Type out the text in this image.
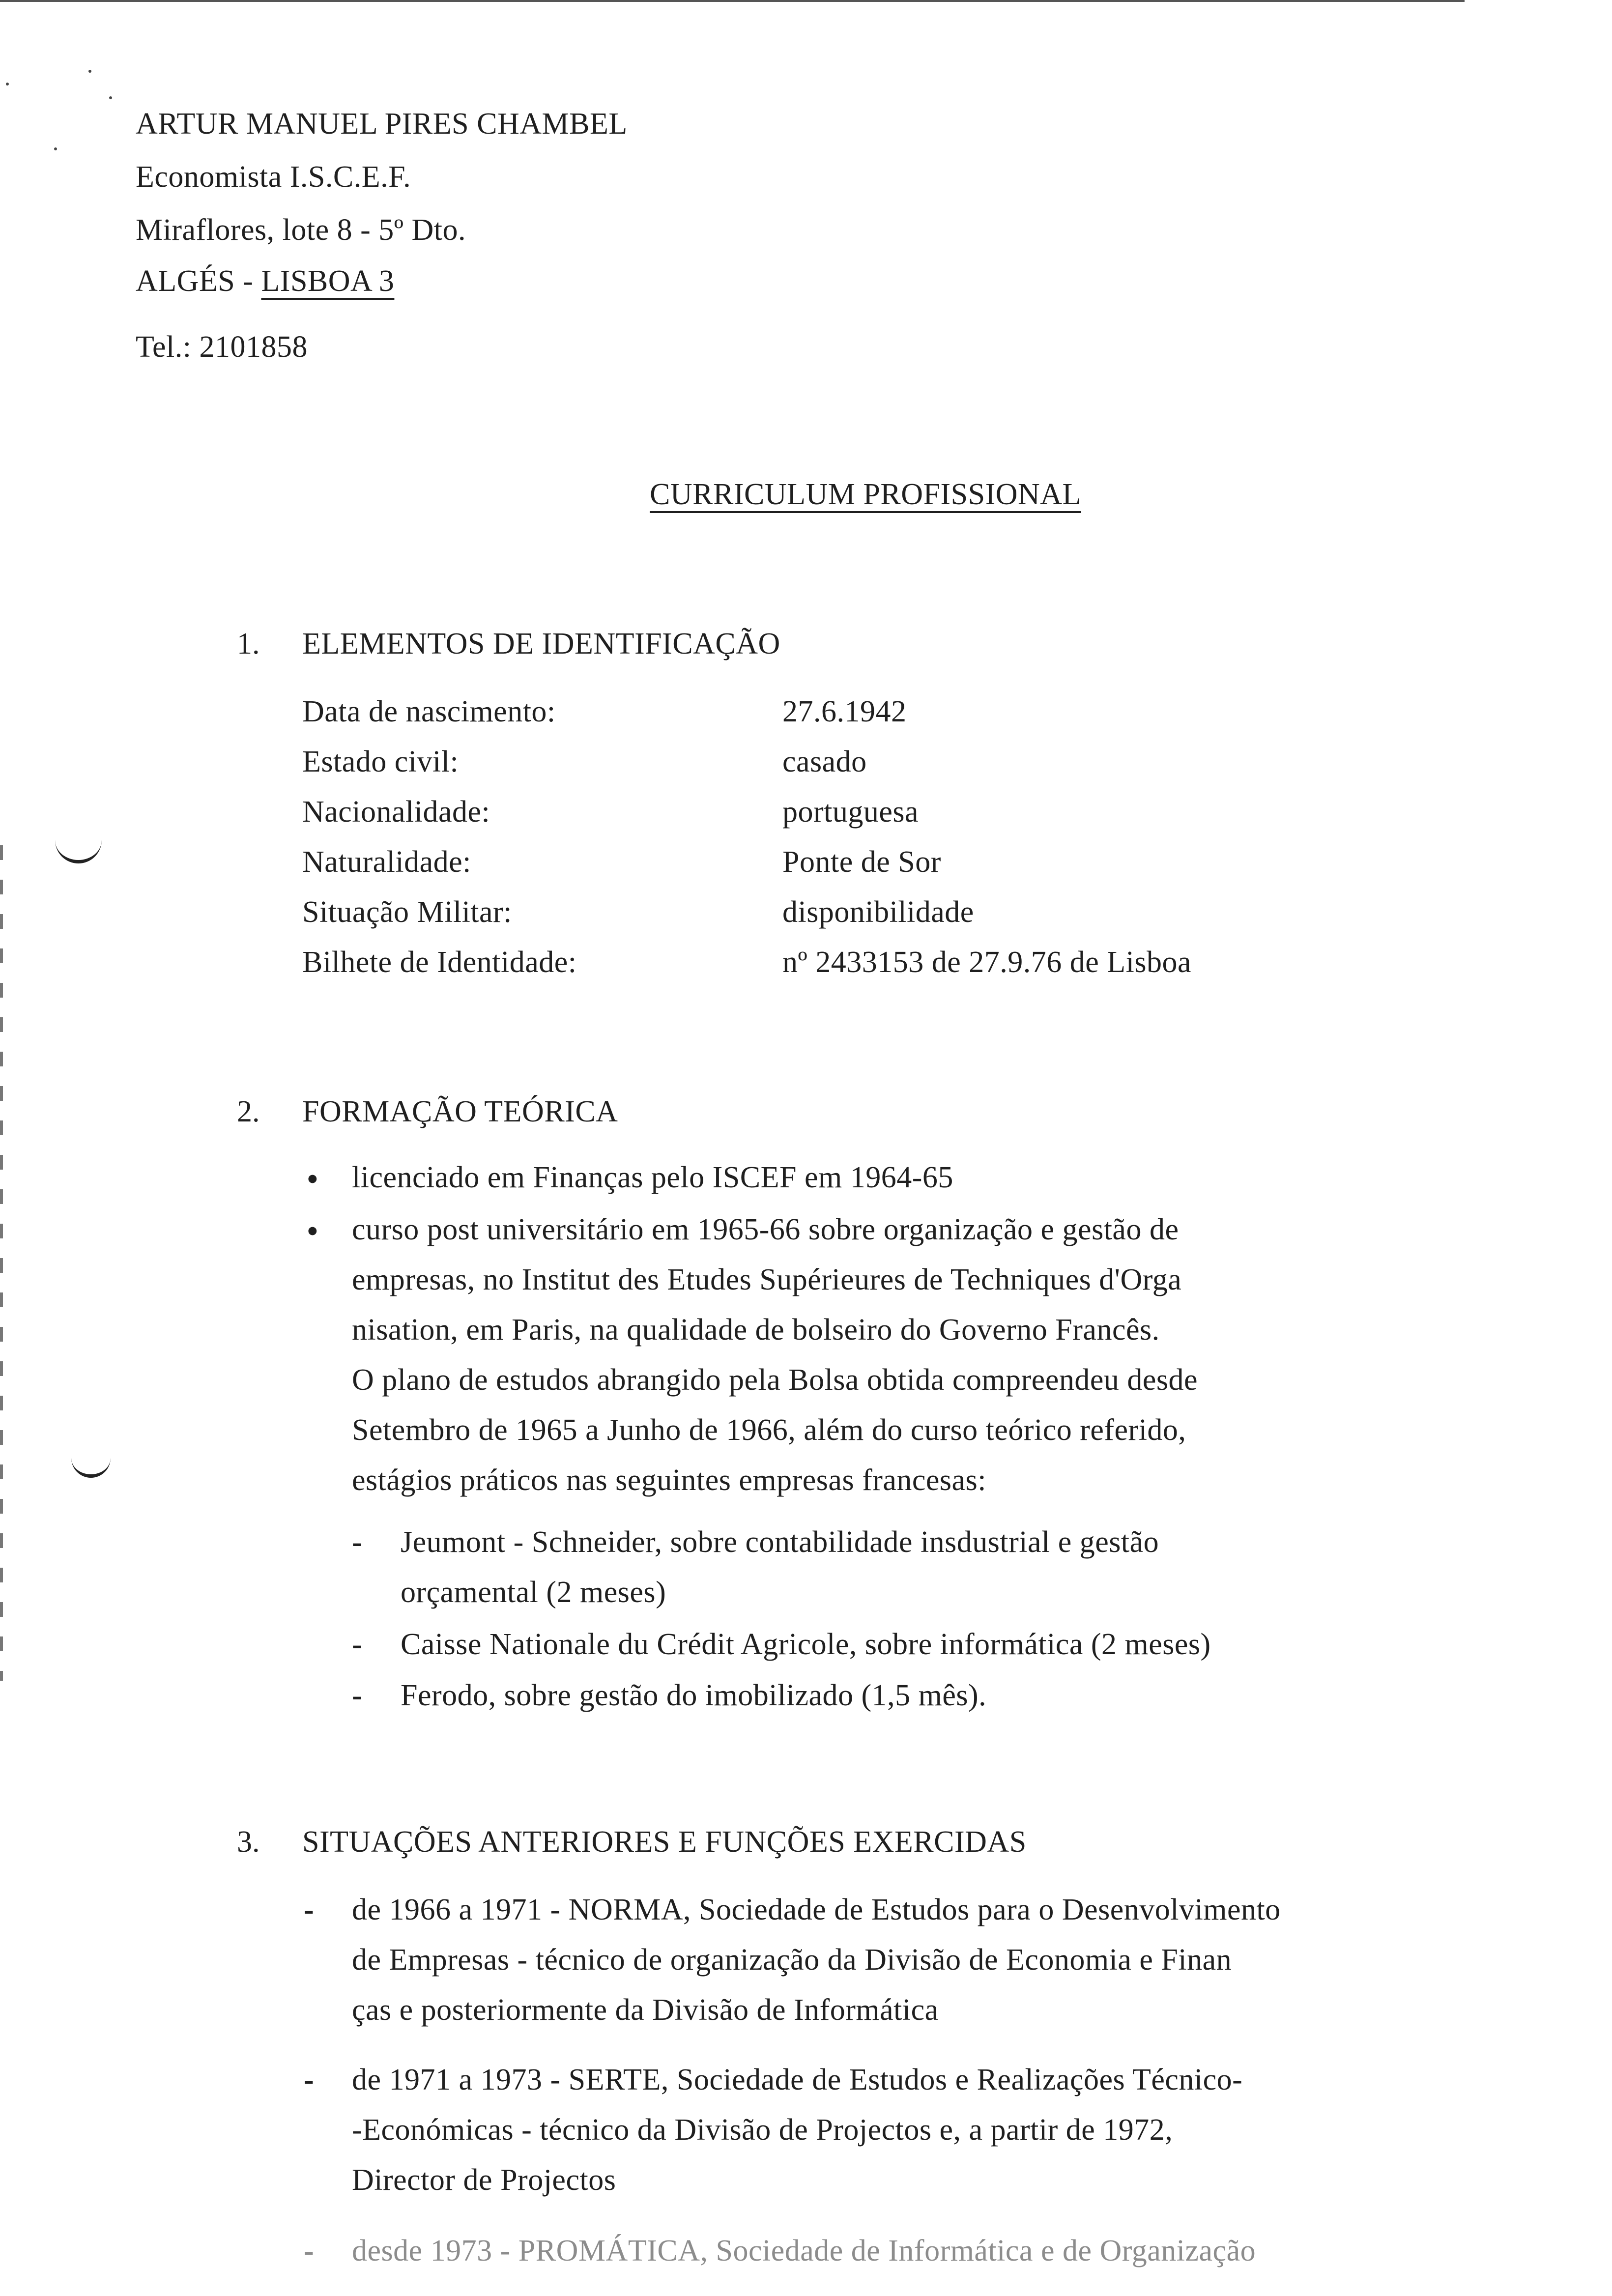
ARTUR MANUEL PIRES CHAMBEL
Economista I.S.C.E.F.
Miraflores, lote 8 - 5º Dto.
ALGÉS - LISBOA 3
Tel.: 2101858
CURRICULUM PROFISSIONAL
1. ELEMENTOS DE IDENTIFICAÇÃO
Data de nascimento:	27.6.1942
Estado civil:	casado
Nacionalidade:	portuguesa
Naturalidade:	Ponte de Sor
Situação Militar:	disponibilidade
Bilhete de Identidade:	nº 2433153 de 27.9.76 de Lisboa
2. FORMAÇÃO TEÓRICA
• licenciado em Finanças pelo ISCEF em 1964-65
• curso post universitário em 1965-66 sobre organização e gestão de
empresas, no Institut des Etudes Supérieures de Techniques d'Orga
nisation, em Paris, na qualidade de bolseiro do Governo Francês.
O plano de estudos abrangido pela Bolsa obtida compreendeu desde
Setembro de 1965 a Junho de 1966, além do curso teórico referido,
estágios práticos nas seguintes empresas francesas:
- Jeumont - Schneider, sobre contabilidade insdustrial e gestão
orçamental (2 meses)
- Caisse Nationale du Crédit Agricole, sobre informática (2 meses)
- Ferodo, sobre gestão do imobilizado (1,5 mês).
3. SITUAÇÕES ANTERIORES E FUNÇÕES EXERCIDAS
- de 1966 a 1971 - NORMA, Sociedade de Estudos para o Desenvolvimento
de Empresas - técnico de organização da Divisão de Economia e Finan
ças e posteriormente da Divisão de Informática
- de 1971 a 1973 - SERTE, Sociedade de Estudos e Realizações Técnico-
-Económicas - técnico da Divisão de Projectos e, a partir de 1972,
Director de Projectos
- desde 1973 - PROMÁTICA, Sociedade de Informática e de Organização
